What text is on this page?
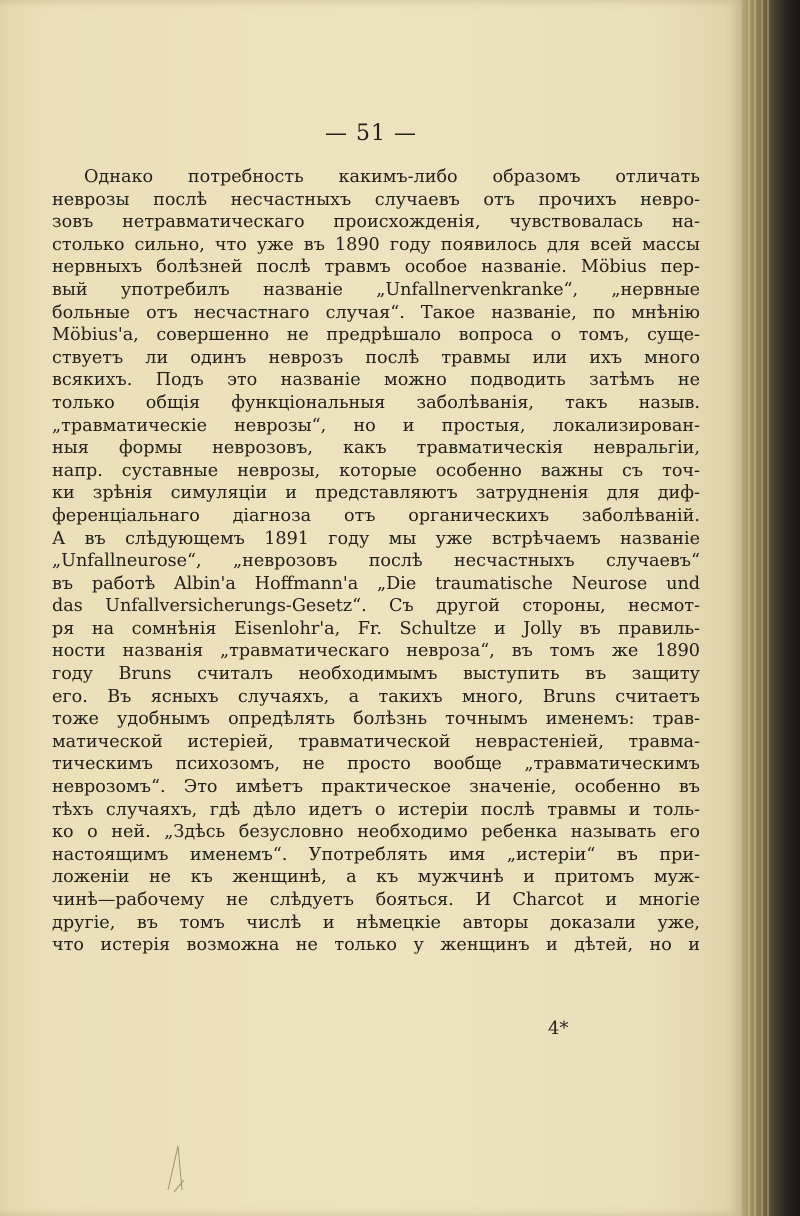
— 51 —
Однако потребность какимъ-либо образомъ отличать
неврозы послѣ несчастныхъ случаевъ отъ прочихъ невро-
зовъ нетравматическаго происхожденія, чувствовалась на-
столько сильно, что уже въ 1890 году появилось для всей массы
нервныхъ болѣзней послѣ травмъ особое названіе. Möbius пер-
вый употребилъ названіе „Unfallnervenkranke“, „нервные
больные отъ несчастнаго случая“. Такое названіе, по мнѣнію
Möbius'а, совершенно не предрѣшало вопроса о томъ, суще-
ствуетъ ли одинъ неврозъ послѣ травмы или ихъ много
всякихъ. Подъ это названіе можно подводить затѣмъ не
только общія функціональныя заболѣванія, такъ назыв.
„травматическіе неврозы“, но и простыя, локализирован-
ныя формы неврозовъ, какъ травматическія невральгіи,
напр. суставные неврозы, которые особенно важны съ точ-
ки зрѣнія симуляціи и представляютъ затрудненія для диф-
ференціальнаго діагноза отъ органическихъ заболѣваній.
А въ слѣдующемъ 1891 году мы уже встрѣчаемъ названіе
„Unfallneurose“, „неврозовъ послѣ несчастныхъ случаевъ“
въ работѣ Albin'а Hoffmann'а „Die traumatische Neurose und
das Unfallversicherungs-Gesetz“. Съ другой стороны, несмот-
ря на сомнѣнія Eisenlohr'а, Fr. Schultze и Jolly въ правиль-
ности названія „травматическаго невроза“, въ томъ же 1890
году Bruns считалъ необходимымъ выступить въ защиту
его. Въ ясныхъ случаяхъ, а такихъ много, Bruns считаетъ
тоже удобнымъ опредѣлять болѣзнь точнымъ именемъ: трав-
матической истеріей, травматической неврастеніей, травма-
тическимъ психозомъ, не просто вообще „травматическимъ
неврозомъ“. Это имѣетъ практическое значеніе, особенно въ
тѣхъ случаяхъ, гдѣ дѣло идетъ о истеріи послѣ травмы и толь-
ко о ней. „Здѣсь безусловно необходимо ребенка называть его
настоящимъ именемъ“. Употреблять имя „истеріи“ въ при-
ложеніи не къ женщинѣ, а къ мужчинѣ и притомъ муж-
чинѣ—рабочему не слѣдуетъ бояться. И Charcot и многіе
другіе, въ томъ числѣ и нѣмецкіе авторы доказали уже,
что истерія возможна не только у женщинъ и дѣтей, но и
4*
